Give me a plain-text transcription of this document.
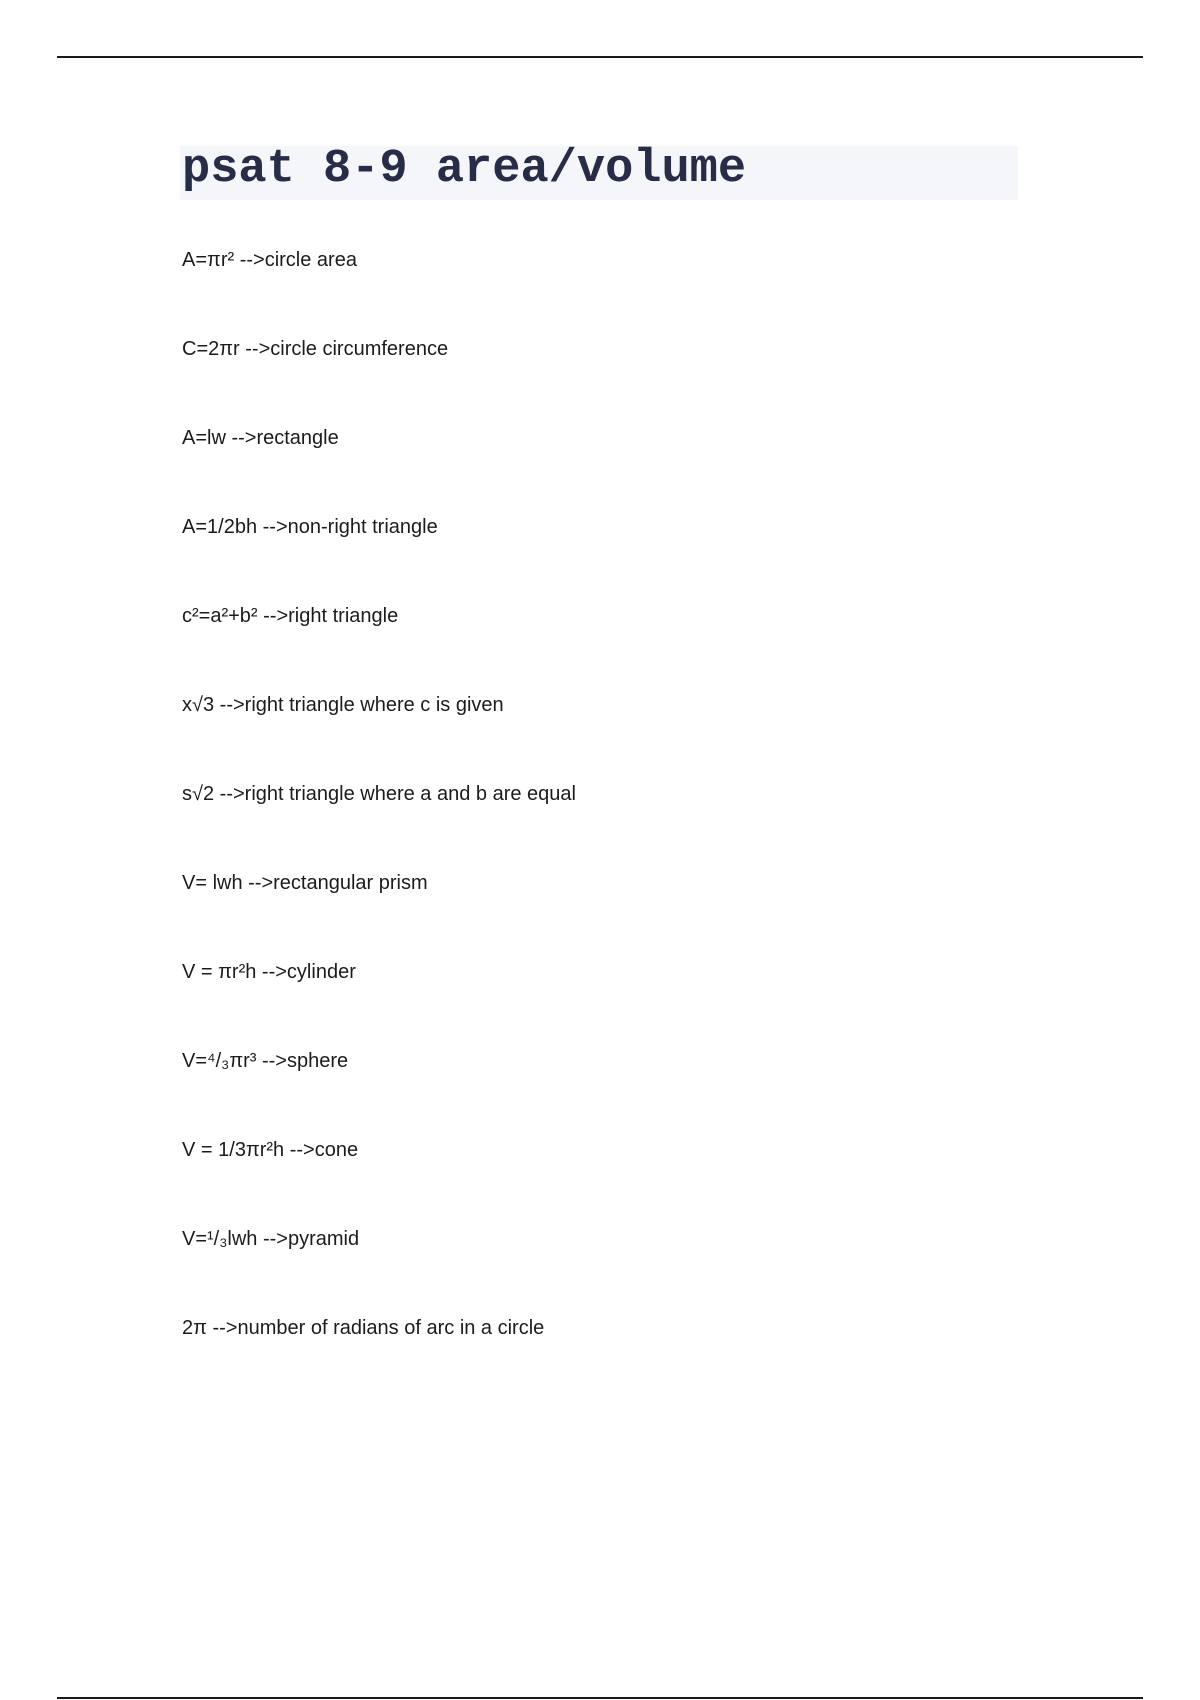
psat 8-9 area/volume
A=πr² -->circle area
C=2πr -->circle circumference
A=lw -->rectangle
A=1/2bh -->non-right triangle
c²=a²+b² -->right triangle
x√3 -->right triangle where c is given
s√2 -->right triangle where a and b are equal
V= lwh -->rectangular prism
V = πr²h -->cylinder
V=⁴/₃πr³ -->sphere
V = 1/3πr²h -->cone
V=¹/₃lwh -->pyramid
2π -->number of radians of arc in a circle
